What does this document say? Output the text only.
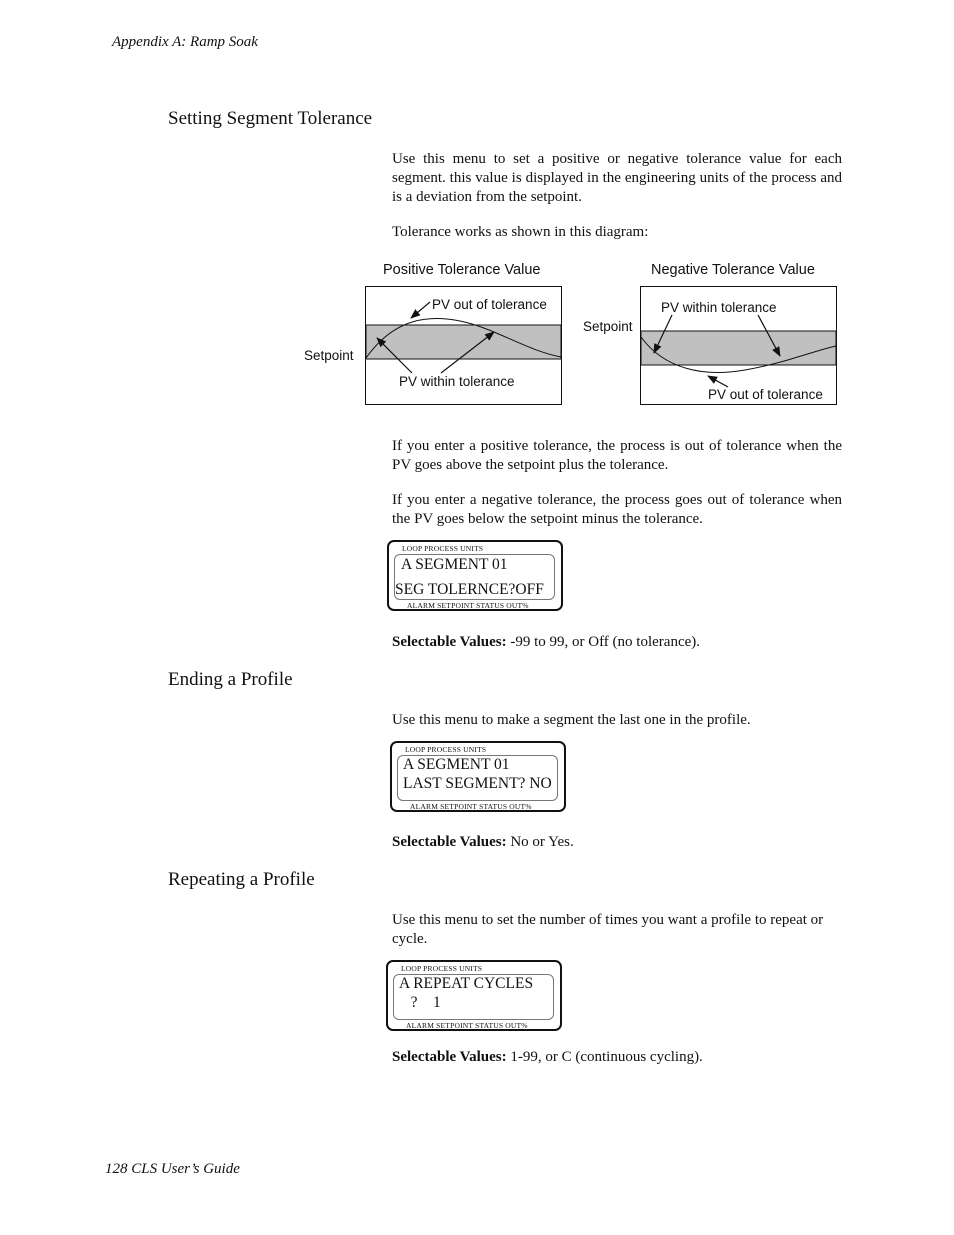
Appendix A: Ramp Soak
128 CLS User’s Guide
Setting Segment Tolerance
Use this menu to set a positive or negative tolerance value for each segment. this value is displayed in the engineering units of the process and is a deviation from the setpoint.
Tolerance works as shown in this diagram:
Positive Tolerance Value	Negative Tolerance Value
Setpoint
PV out of tolerance
PV within tolerance
Setpoint
PV within tolerance
PV out of tolerance
If you enter a positive tolerance, the process is out of tolerance when the PV goes above the setpoint plus the tolerance.
If you enter a negative tolerance, the process goes out of tolerance when the PV goes below the setpoint minus the tolerance.
LOOP PROCESS UNITS
A SEGMENT 01
SEG TOLERNCE?OFF
ALARM SETPOINT STATUS OUT%
Selectable Values: -99 to 99, or Off (no tolerance).
Ending a Profile
Use this menu to make a segment the last one in the profile.
LOOP PROCESS UNITS
A SEGMENT 01
LAST SEGMENT? NO
ALARM SETPOINT STATUS OUT%
Selectable Values: No or Yes.
Repeating a Profile
Use this menu to set the number of times you want a profile to repeat or cycle.
LOOP PROCESS UNITS
A REPEAT CYCLES
?    1
ALARM SETPOINT STATUS OUT%
Selectable Values: 1-99, or C (continuous cycling).
